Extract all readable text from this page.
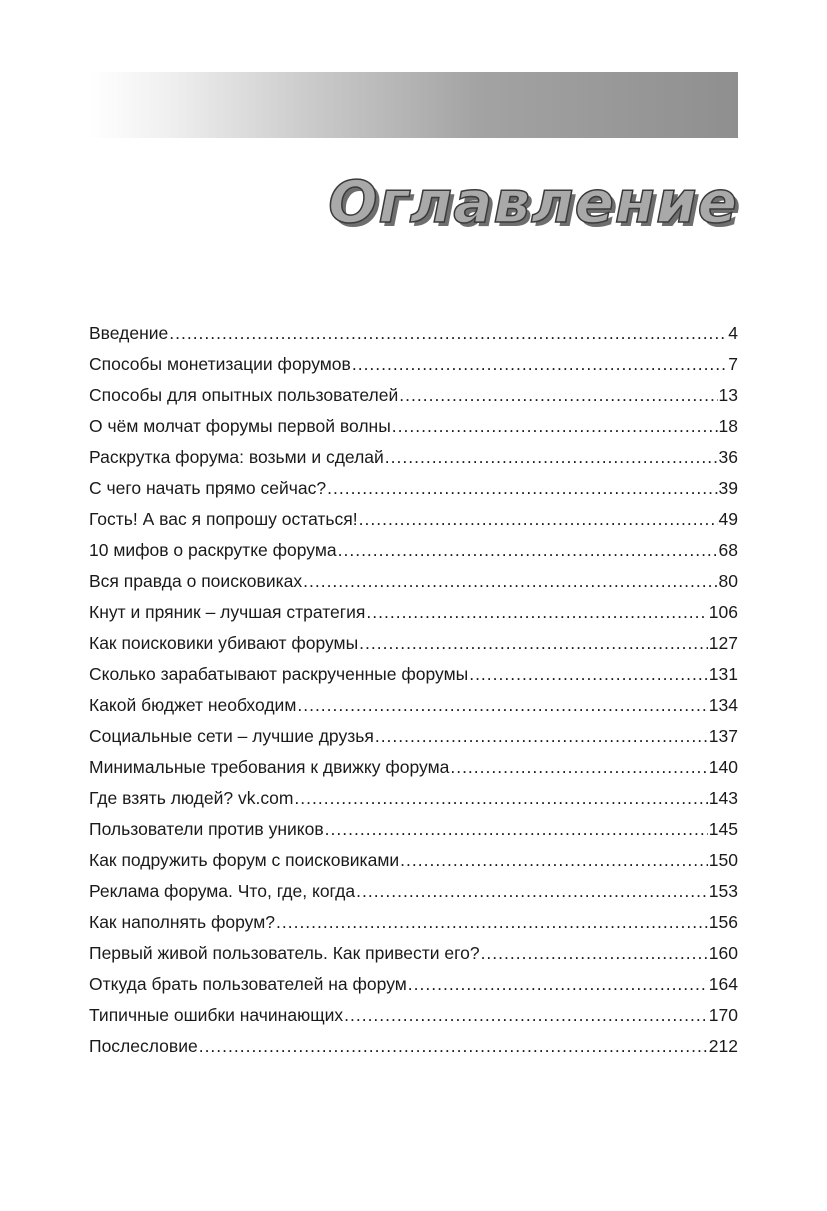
Оглавление
Введение .....	4
Способы монетизации форумов .....	7
Способы для опытных пользователей .....	13
О чём молчат форумы первой волны .....	18
Раскрутка форума: возьми и сделай .....	36
С чего начать прямо сейчас? .....	39
Гость! А вас я попрошу остаться! .....	49
10 мифов о раскрутке форума .....	68
Вся правда о поисковиках .....	80
Кнут и пряник – лучшая стратегия .....	106
Как поисковики убивают форумы .....	127
Сколько зарабатывают раскрученные форумы .....	131
Какой бюджет необходим .....	134
Социальные сети – лучшие друзья .....	137
Минимальные требования к движку форума .....	140
Где взять людей? vk.com .....	143
Пользователи против уников .....	145
Как подружить форум с поисковиками .....	150
Реклама форума. Что, где, когда .....	153
Как наполнять форум? .....	156
Первый живой пользователь. Как привести его? .....	160
Откуда брать пользователей на форум .....	164
Типичные ошибки начинающих .....	170
Послесловие .....	212
